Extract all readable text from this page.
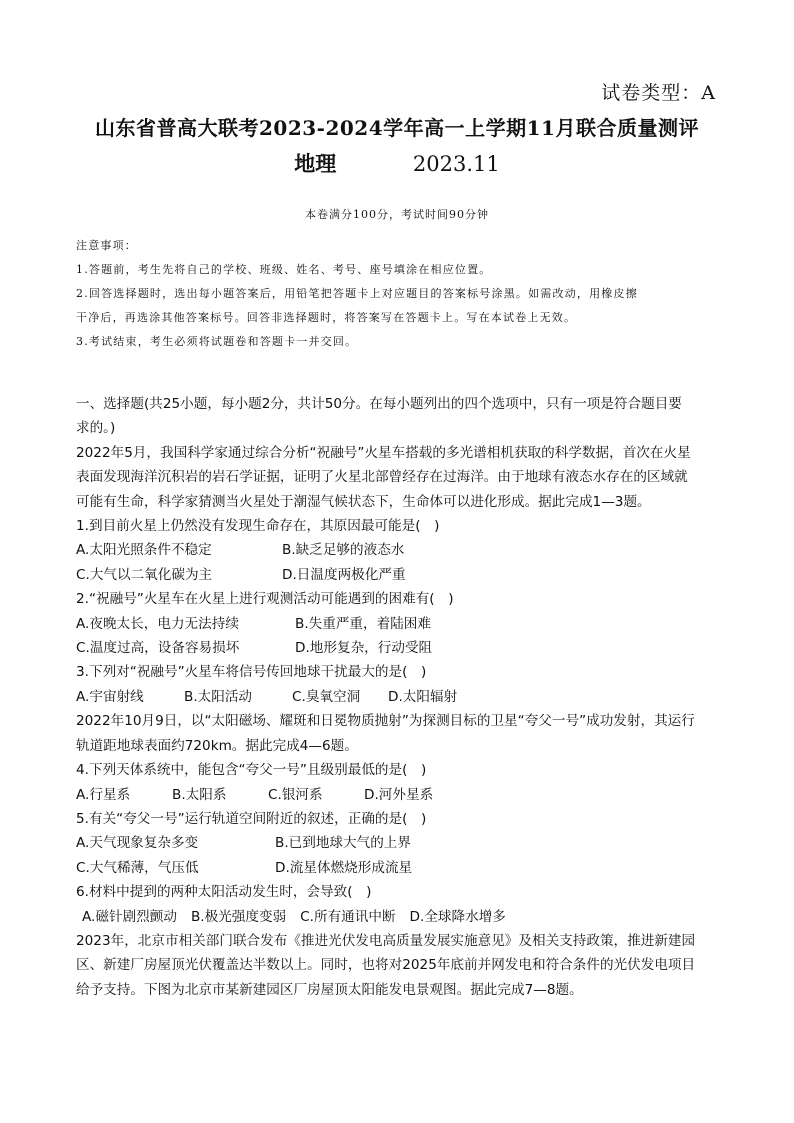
试卷类型：A
山东省普高大联考2023-2024学年高一上学期11月联合质量测评
地理	2023.11
本卷满分100分，考试时间90分钟
注意事项：
1.答题前，考生先将自己的学校、班级、姓名、考号、座号填涂在相应位置。
2.回答选择题时，选出每小题答案后，用铅笔把答题卡上对应题目的答案标号涂黑。如需改动，用橡皮擦
干净后，再选涂其他答案标号。回答非选择题时，将答案写在答题卡上。写在本试卷上无效。
3.考试结束，考生必须将试题卷和答题卡一并交回。

一、选择题(共25小题，每小题2分，共计50分。在每小题列出的四个选项中，只有一项是符合题目要

求的。)

2022年5月，我国科学家通过综合分析“祝融号”火星车搭载的多光谱相机获取的科学数据，首次在火星

表面发现海洋沉积岩的岩石学证据，证明了火星北部曾经存在过海洋。由于地球有液态水存在的区域就

可能有生命，科学家猜测当火星处于潮湿气候状态下，生命体可以进化形成。据此完成1—3题。

1.到目前火星上仍然没有发现生命存在，其原因最可能是(　)

A.太阳光照条件不稳定	B.缺乏足够的液态水
C.大气以二氧化碳为主	D.日温度两极化严重

2.“祝融号”火星车在火星上进行观测活动可能遇到的困难有(　)

A.夜晚太长，电力无法持续	B.失重严重，着陆困难
C.温度过高，设备容易损坏	D.地形复杂，行动受阻

3.下列对“祝融号”火星车将信号传回地球干扰最大的是(　)

A.宇宙射线	B.太阳活动	C.臭氧空洞	D.太阳辐射

2022年10月9日，以“太阳磁场、耀斑和日冕物质抛射”为探测目标的卫星“夸父一号”成功发射，其运行

轨道距地球表面约720km。据此完成4—6题。

4.下列天体系统中，能包含“夸父一号”且级别最低的是(　)

A.行星系	B.太阳系	C.银河系	D.河外星系

5.有关“夸父一号”运行轨道空间附近的叙述，正确的是(　)

A.天气现象复杂多变	B.已到地球大气的上界
C.大气稀薄，气压低	D.流星体燃烧形成流星

6.材料中提到的两种太阳活动发生时，会导致(　)

A.磁针剧烈颤动 B.极光强度变弱 C.所有通讯中断 D.全球降水增多

2023年，北京市相关部门联合发布《推进光伏发电高质量发展实施意见》及相关支持政策，推进新建园

区、新建厂房屋顶光伏覆盖达半数以上。同时，也将对2025年底前并网发电和符合条件的光伏发电项目

给予支持。下图为北京市某新建园区厂房屋顶太阳能发电景观图。据此完成7—8题。
